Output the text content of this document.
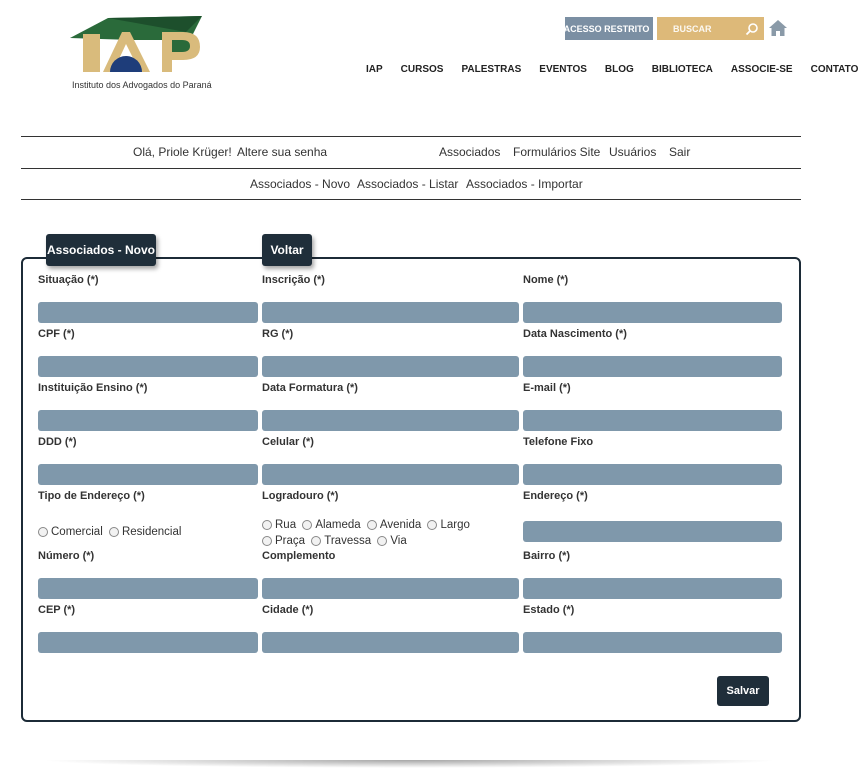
Instituto dos Advogados do Paraná
ACESSO RESTRITO
BUSCAR
IAP CURSOS PALESTRAS EVENTOS BLOG BIBLIOTECA ASSOCIE-SE CONTATO
Olá, Priole Krüger! Altere sua senha	Associados Formulários Site Usuários Sair
Associados - Novo Associados - Listar Associados - Importar
Associados - Novo	Voltar
Situação (*)	Inscrição (*)	Nome (*)
CPF (*)	RG (*)	Data Nascimento (*)
Instituição Ensino (*)	Data Formatura (*)	E-mail (*)
DDD (*)	Celular (*)	Telefone Fixo
Tipo de Endereço (*)	Logradouro (*)	Endereço (*)
Comercial
Residencial
Rua
Alameda
Avenida
Largo

Praça
Travessa
Via
Número (*)	Complemento	Bairro (*)
CEP (*)	Cidade (*)	Estado (*)
Salvar
